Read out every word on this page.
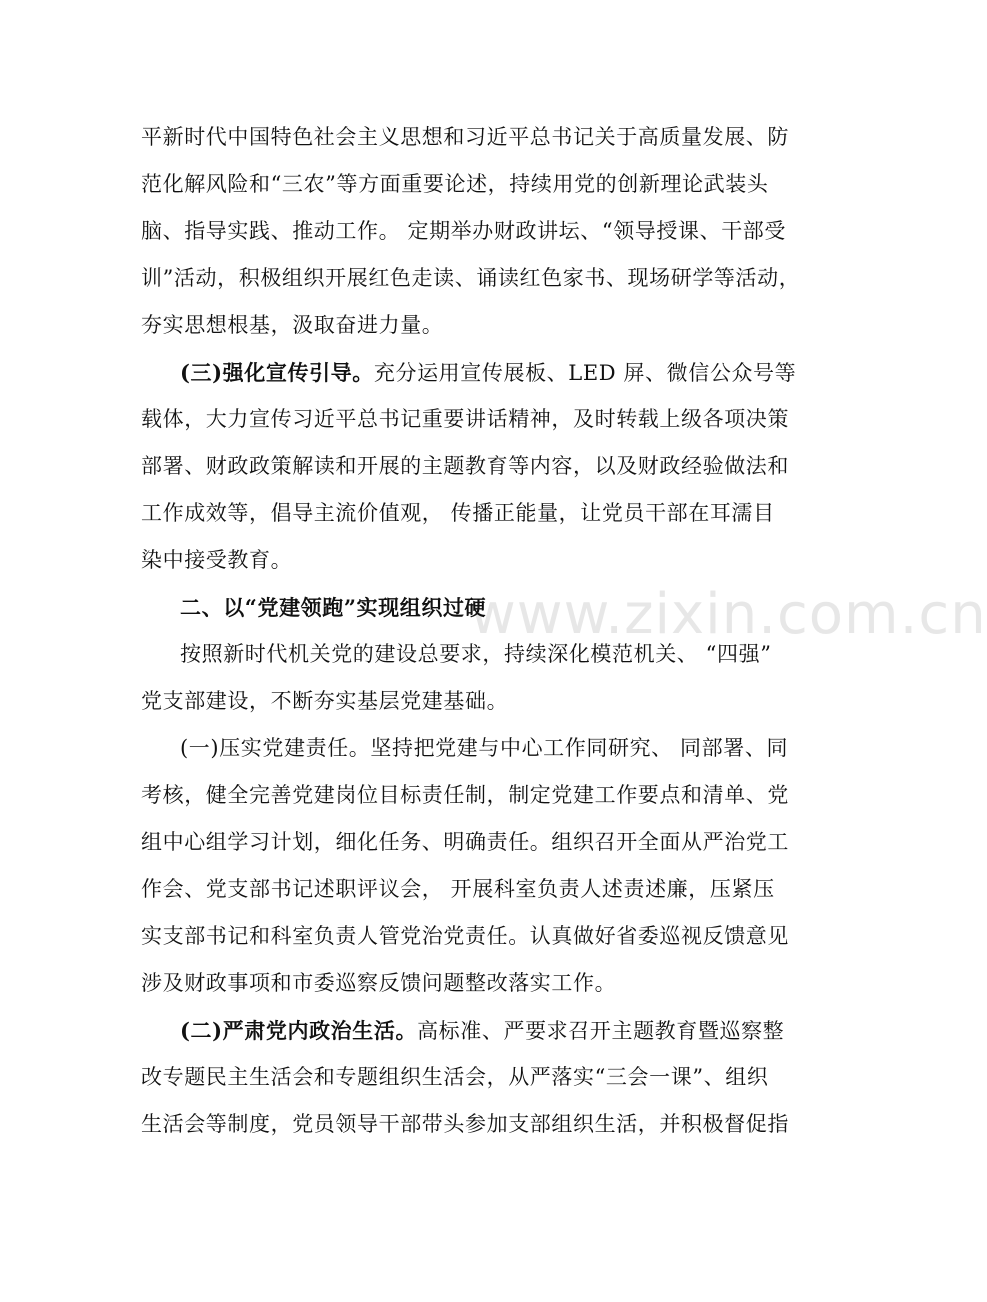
www.zixin.com.cn
平新时代中国特色社会主义思想和习近平总书记关于高质量发展、防
范化解风险和“三农”等方面重要论述，持续用党的创新理论武装头
脑、指导实践、推动工作。 定期举办财政讲坛、“领导授课、干部受
训”活动，积极组织开展红色走读、诵读红色家书、现场研学等活动，
夯实思想根基，汲取奋进力量。
(三)强化宣传引导。充分运用宣传展板、LED 屏、微信公众号等
载体，大力宣传习近平总书记重要讲话精神，及时转载上级各项决策
部署、财政政策解读和开展的主题教育等内容，以及财政经验做法和
工作成效等，倡导主流价值观， 传播正能量，让党员干部在耳濡目
染中接受教育。
二、以“党建领跑”实现组织过硬
按照新时代机关党的建设总要求，持续深化模范机关、 “四强”
党支部建设，不断夯实基层党建基础。
(一)压实党建责任。坚持把党建与中心工作同研究、 同部署、同
考核，健全完善党建岗位目标责任制，制定党建工作要点和清单、党
组中心组学习计划，细化任务、明确责任。组织召开全面从严治党工
作会、党支部书记述职评议会， 开展科室负责人述责述廉，压紧压
实支部书记和科室负责人管党治党责任。认真做好省委巡视反馈意见
涉及财政事项和市委巡察反馈问题整改落实工作。
(二)严肃党内政治生活。高标准、严要求召开主题教育暨巡察整
改专题民主生活会和专题组织生活会，从严落实“三会一课”、组织
生活会等制度，党员领导干部带头参加支部组织生活，并积极督促指
